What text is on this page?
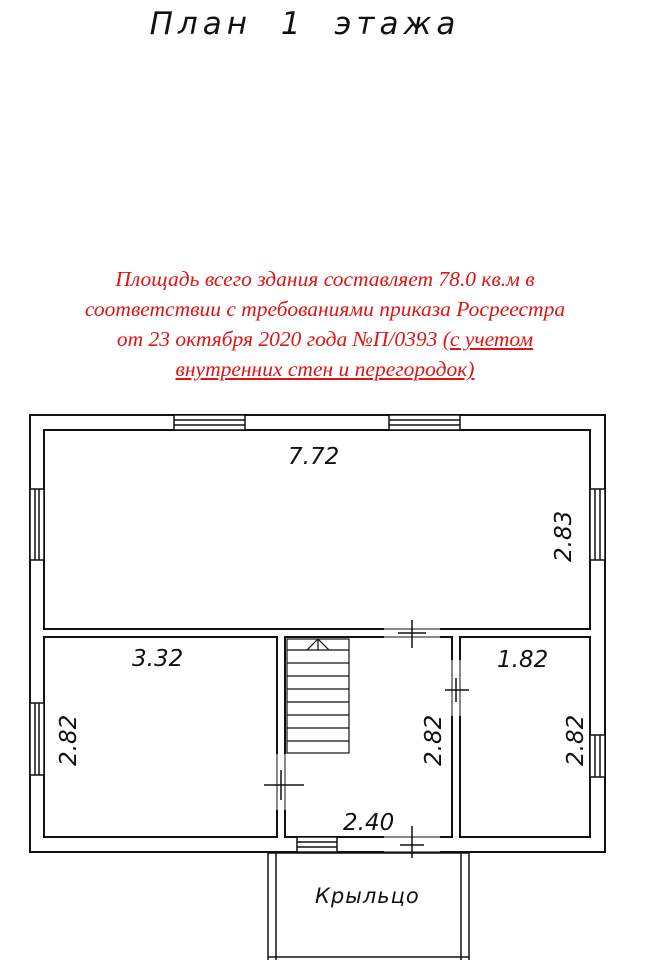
План 1 этажа
Площадь всего здания составляет 78.0 кв.м в
соответствии с требованиями приказа Росреестра
от 23 октября 2020 года №П/0393 (с учетом
внутренних стен и перегородок)
7.72
2.83
3.32
2.82
2.40
2.82
1.82
2.82
Крыльцо
